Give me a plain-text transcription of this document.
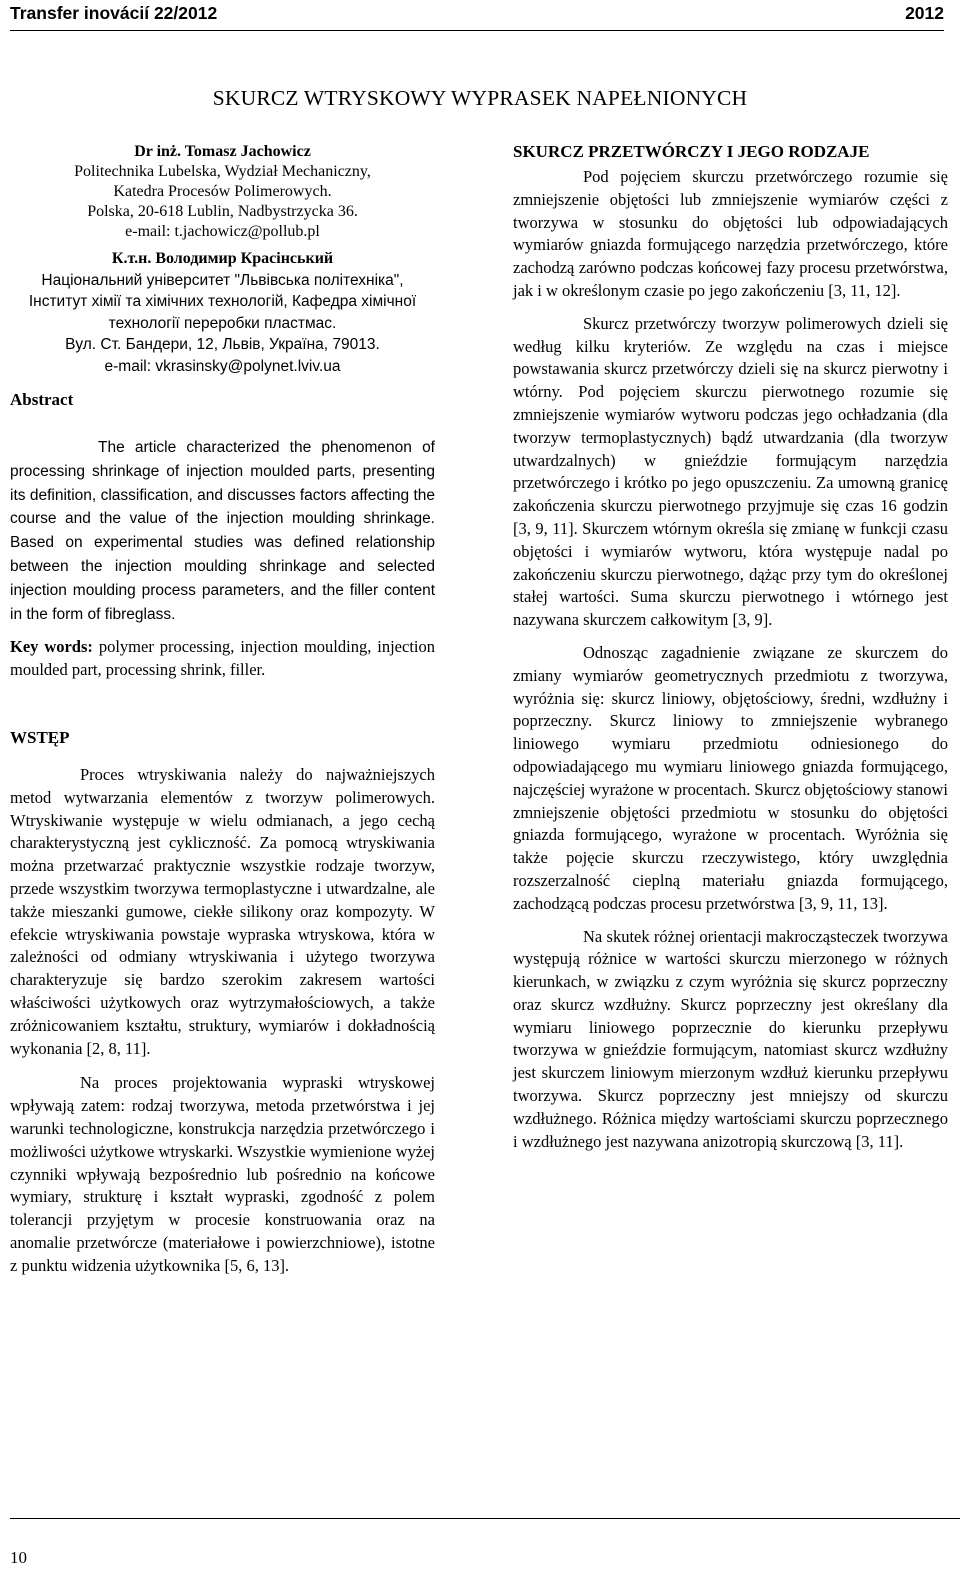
Transfer inovácií 22/2012	2012
SKURCZ WTRYSKOWY WYPRASEK NAPEŁNIONYCH
Dr inż. Tomasz Jachowicz
Politechnika Lubelska, Wydział Mechaniczny,
Katedra Procesów Polimerowych.
Polska, 20-618 Lublin, Nadbystrzycka 36.
e-mail: t.jachowicz@pollub.pl
К.т.н. Володимир Красінський
Національний університет "Львівська політехніка", Інститут хімії та хімічних технологій, Кафедра хімічної технології переробки пластмас.
Вул. Ст. Бандери, 12, Львів, Україна, 79013.
e-mail: vkrasinsky@polynet.lviv.ua
Abstract

The article characterized the phenomenon of processing shrinkage of injection moulded parts, presenting its definition, classification, and discusses factors affecting the course and the value of the injection moulding shrinkage. Based on experimental studies was defined relationship between the injection moulding shrinkage and selected injection moulding process parameters, and the filler content in the form of fibreglass.

Key words: polymer processing, injection moulding, injection moulded part, processing shrink, filler.

WSTĘP

Proces wtryskiwania należy do najważniejszych metod wytwarzania elementów z tworzyw polimerowych. Wtryskiwanie występuje w wielu odmianach, a jego cechą charakterystyczną jest cykliczność. Za pomocą wtryskiwania można przetwarzać praktycznie wszystkie rodzaje tworzyw, przede wszystkim tworzywa termoplastyczne i utwardzalne, ale także mieszanki gumowe, ciekłe silikony oraz kompozyty. W efekcie wtryskiwania powstaje wypraska wtryskowa, która w zależności od odmiany wtryskiwania i użytego tworzywa charakteryzuje się bardzo szerokim zakresem wartości właściwości użytkowych oraz wytrzymałościowych, a także zróżnicowaniem kształtu, struktury, wymiarów i dokładnością wykonania [2, 8, 11].

Na proces projektowania wypraski wtryskowej wpływają zatem: rodzaj tworzywa, metoda przetwórstwa i jej warunki technologiczne, konstrukcja narzędzia przetwórczego i możliwości użytkowe wtryskarki. Wszystkie wymienione wyżej czynniki wpływają bezpośrednio lub pośrednio na końcowe wymiary, strukturę i kształt wypraski, zgodność z polem tolerancji przyjętym w procesie konstruowania oraz na anomalie przetwórcze (materiałowe i powierzchniowe), istotne z punktu widzenia użytkownika [5, 6, 13].

SKURCZ PRZETWÓRCZY I JEGO RODZAJE

Pod pojęciem skurczu przetwórczego rozumie się zmniejszenie objętości lub zmniejszenie wymiarów części z tworzywa w stosunku do objętości lub odpowiadających wymiarów gniazda formującego narzędzia przetwórczego, które zachodzą zarówno podczas końcowej fazy procesu przetwórstwa, jak i w określonym czasie po jego zakończeniu [3, 11, 12].

Skurcz przetwórczy tworzyw polimerowych dzieli się według kilku kryteriów. Ze względu na czas i miejsce powstawania skurcz przetwórczy dzieli się na skurcz pierwotny i wtórny. Pod pojęciem skurczu pierwotnego rozumie się zmniejszenie wymiarów wytworu podczas jego ochładzania (dla tworzyw termoplastycznych) bądź utwardzania (dla tworzyw utwardzalnych) w gnieździe formującym narzędzia przetwórczego i krótko po jego opuszczeniu. Za umowną granicę zakończenia skurczu pierwotnego przyjmuje się czas 16 godzin [3, 9, 11]. Skurczem wtórnym określa się zmianę w funkcji czasu objętości i wymiarów wytworu, która występuje nadal po zakończeniu skurczu pierwotnego, dążąc przy tym do określonej stałej wartości. Suma skurczu pierwotnego i wtórnego jest nazywana skurczem całkowitym [3, 9].

Odnosząc zagadnienie związane ze skurczem do zmiany wymiarów geometrycznych przedmiotu z tworzywa, wyróżnia się: skurcz liniowy, objętościowy, średni, wzdłużny i poprzeczny. Skurcz liniowy to zmniejszenie wybranego liniowego wymiaru przedmiotu odniesionego do odpowiadającego mu wymiaru liniowego gniazda formującego, najczęściej wyrażone w procentach. Skurcz objętościowy stanowi zmniejszenie objętości przedmiotu w stosunku do objętości gniazda formującego, wyrażone w procentach. Wyróżnia się także pojęcie skurczu rzeczywistego, który uwzględnia rozszerzalność cieplną materiału gniazda formującego, zachodzącą podczas procesu przetwórstwa [3, 9, 11, 13].

Na skutek różnej orientacji makrocząsteczek tworzywa występują różnice w wartości skurczu mierzonego w różnych kierunkach, w związku z czym wyróżnia się skurcz poprzeczny oraz skurcz wzdłużny. Skurcz poprzeczny jest określany dla wymiaru liniowego poprzecznie do kierunku przepływu tworzywa w gnieździe formującym, natomiast skurcz wzdłużny jest skurczem liniowym mierzonym wzdłuż kierunku przepływu tworzywa. Skurcz poprzeczny jest mniejszy od skurczu wzdłużnego. Różnica między wartościami skurczu poprzecznego i wzdłużnego jest nazywana anizotropią skurczową [3, 11].

10
